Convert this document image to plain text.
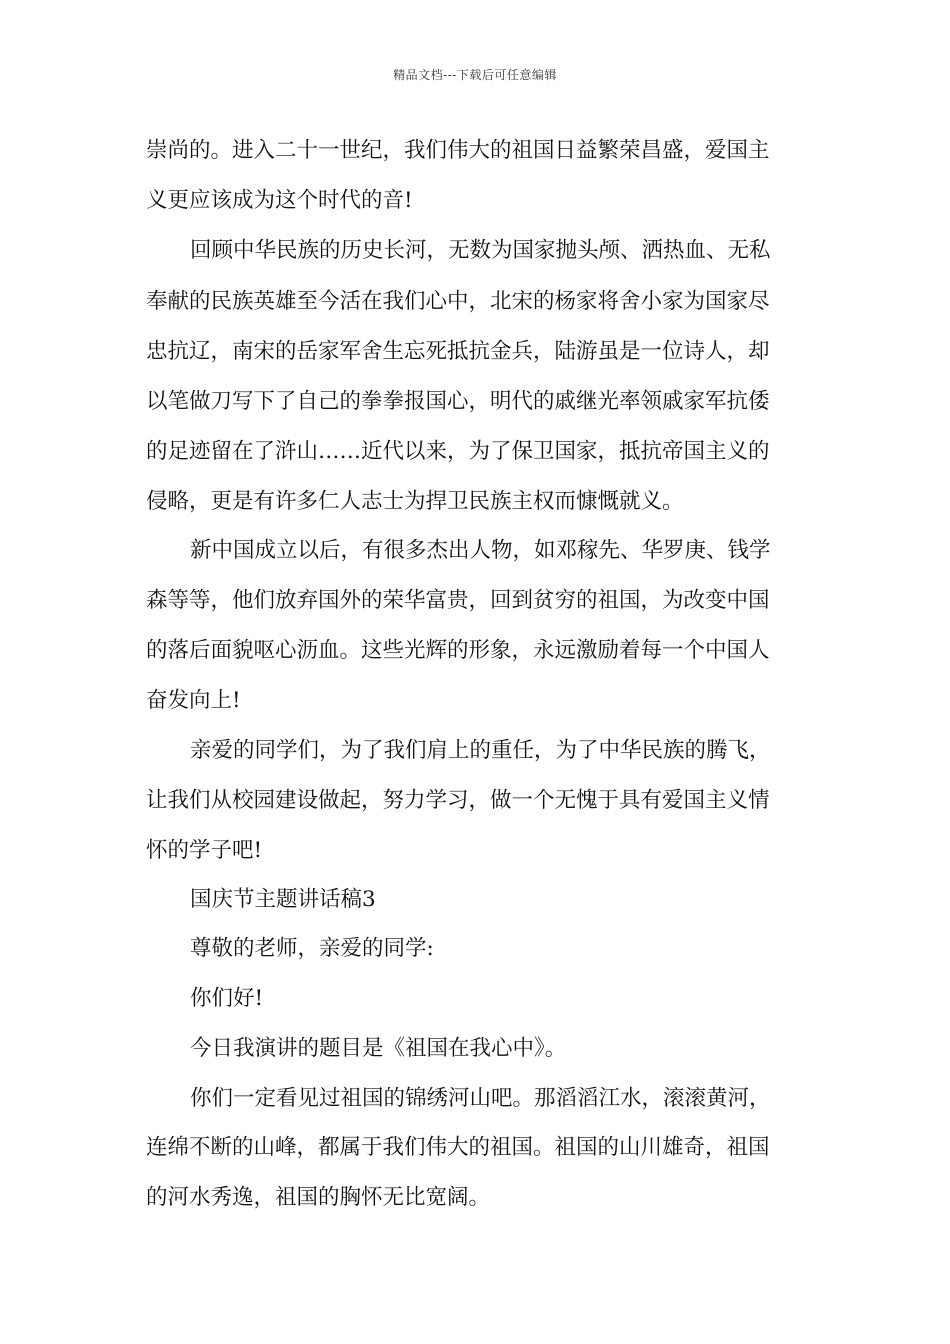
精品文档---下载后可任意编辑
崇尚的。进入二十一世纪，我们伟大的祖国日益繁荣昌盛，爱国主
义更应该成为这个时代的音!
回顾中华民族的历史长河，无数为国家抛头颅、洒热血、无私
奉献的民族英雄至今活在我们心中，北宋的杨家将舍小家为国家尽
忠抗辽，南宋的岳家军舍生忘死抵抗金兵，陆游虽是一位诗人，却
以笔做刀写下了自己的拳拳报国心，明代的戚继光率领戚家军抗倭
的足迹留在了浒山……近代以来，为了保卫国家，抵抗帝国主义的
侵略，更是有许多仁人志士为捍卫民族主权而慷慨就义。
新中国成立以后，有很多杰出人物，如邓稼先、华罗庚、钱学
森等等，他们放弃国外的荣华富贵，回到贫穷的祖国，为改变中国
的落后面貌呕心沥血。这些光辉的形象，永远激励着每一个中国人
奋发向上!
亲爱的同学们，为了我们肩上的重任，为了中华民族的腾飞，
让我们从校园建设做起，努力学习，做一个无愧于具有爱国主义情
怀的学子吧!
国庆节主题讲话稿3
尊敬的老师，亲爱的同学:
你们好!
今日我演讲的题目是《祖国在我心中》。
你们一定看见过祖国的锦绣河山吧。那滔滔江水，滚滚黄河，
连绵不断的山峰，都属于我们伟大的祖国。祖国的山川雄奇，祖国
的河水秀逸，祖国的胸怀无比宽阔。
